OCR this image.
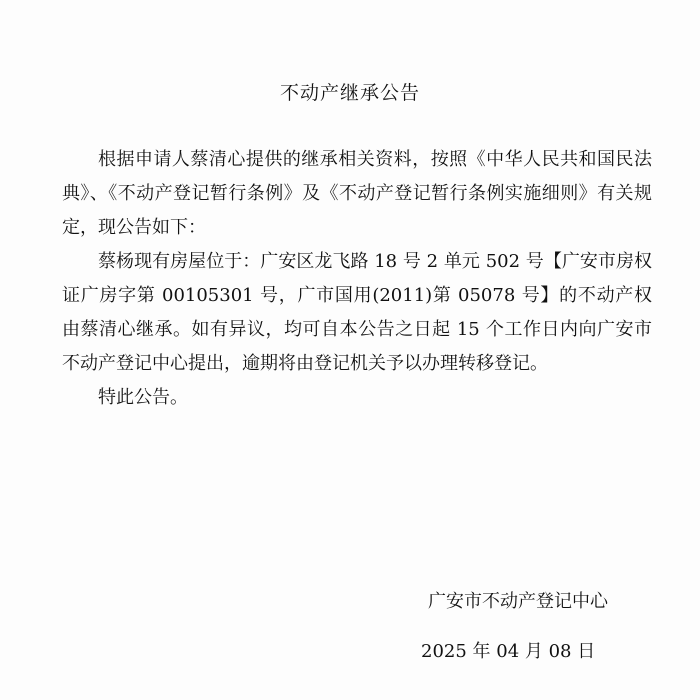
不动产继承公告

根据申请人蔡清心提供的继承相关资料，按照《中华人民共和国民法典》、《不动产登记暂行条例》及《不动产登记暂行条例实施细则》有关规定，现公告如下：

蔡杨现有房屋位于：广安区龙飞路 18 号 2 单元 502 号【广安市房权证广房字第 00105301 号，广市国用(2011)第 05078 号】的不动产权由蔡清心继承。如有异议，均可自本公告之日起 15 个工作日内向广安市不动产登记中心提出，逾期将由登记机关予以办理转移登记。

特此公告。

广安市不动产登记中心
2025 年 04 月 08 日
